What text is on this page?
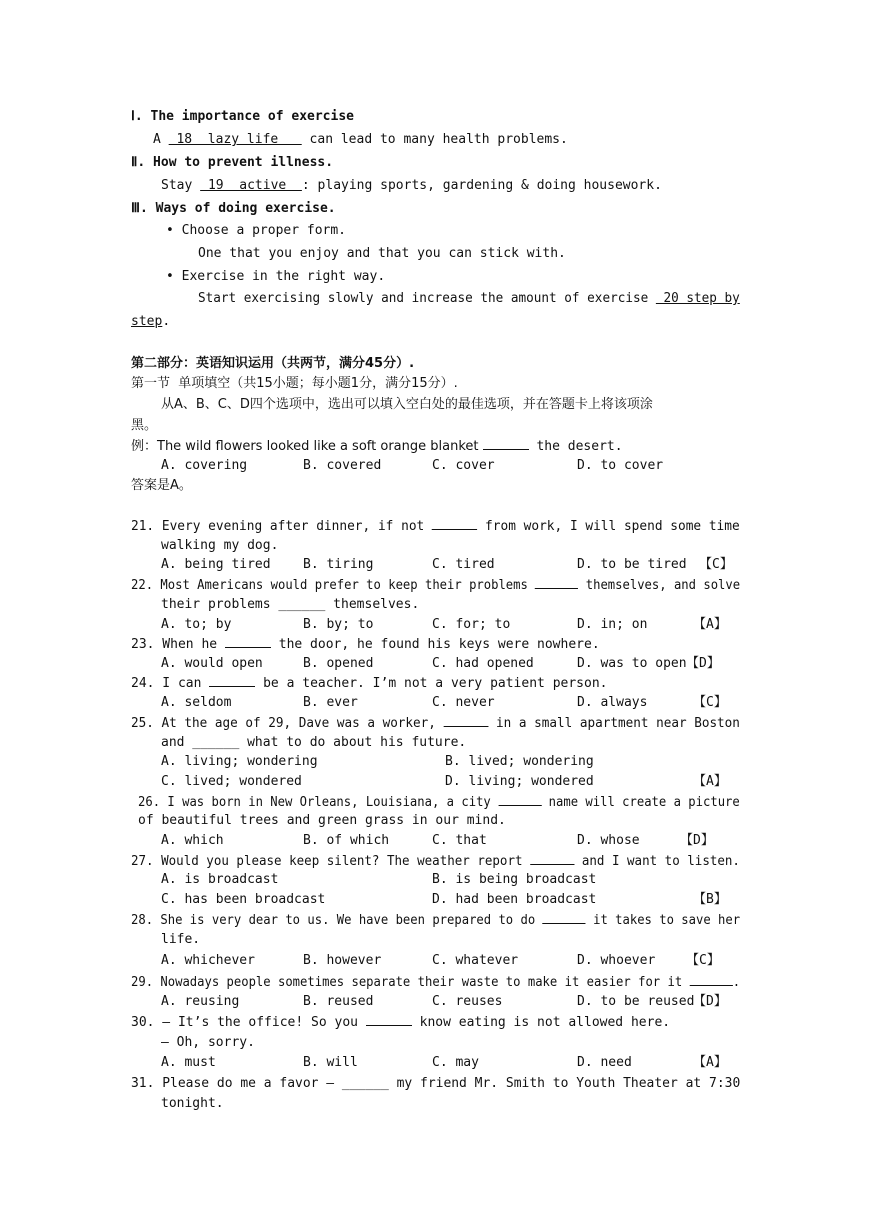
Ⅰ. The importance of exercise
A  18  lazy life    can lead to many health problems.
Ⅱ. How to prevent illness.
Stay  19  active  : playing sports, gardening & doing housework.
Ⅲ. Ways of doing exercise.
• Choose a proper form.
One that you enjoy and that you can stick with.
• Exercise in the right way.
Start exercising slowly and increase the amount of exercise  20 step by
step.
第二部分：英语知识运用（共两节，满分45分）.
第一节  单项填空（共15小题；每小题1分，满分15分）.
从A、B、C、D四个选项中，选出可以填入空白处的最佳选项，并在答题卡上将该项涂
黑。
例：The wild flowers looked like a soft orange blanket	the desert.
A. covering	B. covered	C. cover	D. to cover
答案是A。
21. Every evening after dinner, if not	from work, I will spend some time
walking my dog.
A. being tired B. tiring	C. tired	D. to be tired 【C】
22. Most Americans would prefer to keep their problems	themselves, and solve
their problems ______ themselves.
A. to; by	B. by; to	C. for; to	D. in; on	【A】
23. When he	the door, he found his keys were nowhere.
A. would open	B. opened	C. had opened	D. was to open 【D】
24. I can	be a teacher. I’m not a very patient person.
A. seldom	B. ever	C. never	D. always	【C】
25. At the age of 29, Dave was a worker,	in a small apartment near Boston
and ______ what to do about his future.
A. living; wondering	B. lived; wondering
C. lived; wondered	D. living; wondered	【A】
26. I was born in New Orleans, Louisiana, a city	name will create a picture
of beautiful trees and green grass in our mind.
A. which	B. of which	C. that	D. whose	【D】
27. Would you please keep silent? The weather report	and I want to listen.
A. is broadcast	B. is being broadcast
C. has been broadcast	D. had been broadcast	【B】
28. She is very dear to us. We have been prepared to do	it takes to save her
life.
A. whichever	B. however	C. whatever	D. whoever 【C】
29. Nowadays people sometimes separate their waste to make it easier for it	.
A. reusing	B. reused	C. reuses	D. to be reused
【D】
30. — It’s the office! So you	know eating is not allowed here.
— Oh, sorry.
A. must	B. will	C. may	D. need	【A】
31. Please do me a favor — ______ my friend Mr. Smith to Youth Theater at 7:30
tonight.
